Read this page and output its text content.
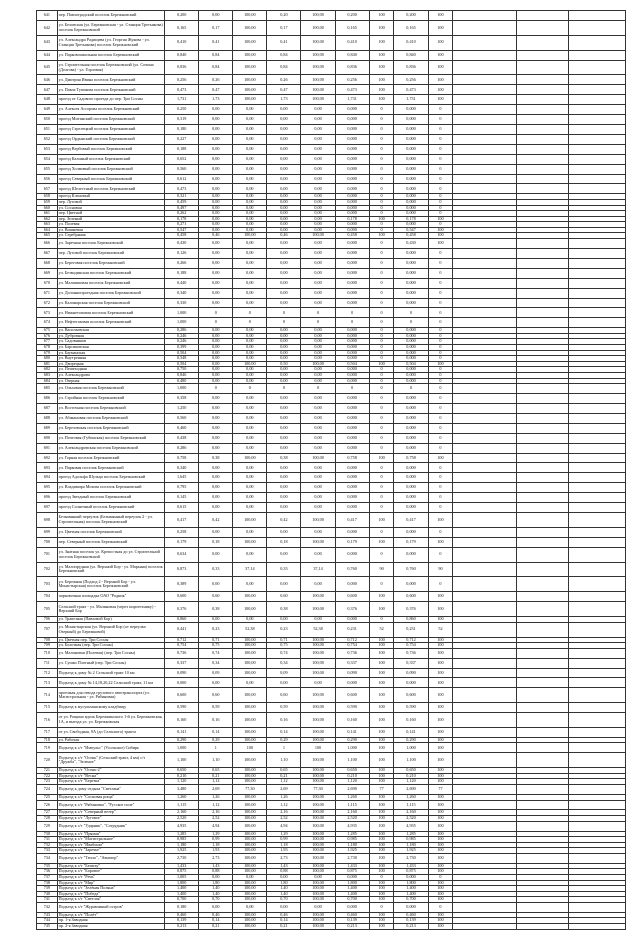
641	пер. Павлоградский поселок Бережновский	0,200	0,00	100,00	0,20	100,00	0,200	100	0,200	100			
642	ул. Беловская (ул. Бережковская - ул. Станция Третьякова) поселок Бережновский	0,165	0,17	100,00	0,17	100,00	0,165	100	0,165	100			
643	ул. Александра Радищева (ул. Георгия Жукова - ул. Станция Третьякова) поселок Бережновский	0,410	0,41	100,00	0,41	100,00	0,410	100	0,410	100			
644	ул. Парковошкольная поселок Бережновский	0,840	0,84	100,00	0,84	100,00	0,840	100	0,840	100			
645	ул. Строительная поселок Бережновский (ул. Сочина (Долгова) - ул. Горловая)	0,836	0,84	100,00	0,84	100,00	0,836	100	0,836	100			
646	ул. Дмитрия Ивина поселок Бережновский	0,256	0,26	100,00	0,26	100,00	0,256	100	0,256	100			
647	ул. Павла Тупикова поселок Бережновский	0,473	0,47	100,00	0,47	100,00	0,473	100	0,473	100			
648	проезд от Садового проезда до пер. Три Сосны	1,731	1,73	100,00	1,73	100,00	1,731	100	1,731	100			
649	ул. Алексея Ассорова поселок Бережновский	0,250	0,00	0,00	0,00	0,00	0,000	0	0,000	0			
650	проезд Митинский поселок Бережновский	0,319	0,00	0,00	0,00	0,00	0,000	0	0,000	0			
651	проезд Стрелецкий поселок Бережновский	0,180	0,00	0,00	0,00	0,00	0,000	0	0,000	0			
652	проезд Ордынский поселок Бережновский	0,227	0,00	0,00	0,00	0,00	0,000	0	0,000	0			
653	проезд Вербовый поселок Бережновский	0,188	0,00	0,00	0,00	0,00	0,000	0	0,000	0			
654	проезд Калиный поселок Бережновский	0,652	0,00	0,00	0,00	0,00	0,000	0	0,000	0			
655	проезд Холмовый поселок Бережновский	0,560	0,00	0,00	0,00	0,00	0,000	0	0,000	0			
656	проезд Северный поселок Бережновский	0,612	0,00	0,00	0,00	0,00	0,000	0	0,000	0			
657	проезд Шелестный поселок Бережновский	0,473	0,00	0,00	0,00	0,00	0,000	0	0,000	0			
658	проезд Кленовый	0,321	0,00	0,00	0,00	0,00	0,000	0	0,000	0			
659	пер. Луговой	0,459	0,00	0,00	0,00	0,00	0,000	0	0,000	0			
660	ул. Сосновая	0,497	0,00	0,00	0,00	0,00	0,000	0	0,000	0			
661	пер. Цветной	0,262	0,00	0,00	0,00	0,00	0,000	0	0,000	0			
662	пер. Зеленый	0,178	0,00	0,00	0,00	0,00	0,178	100	0,178	100			
663	ул. Полевая	0,271	0,00	0,00	0,00	0,00	0,000	0	0,000	0			
664	ул. Вишневая	0,547	0,00	0,00	0,00	0,00	0,000	0	0,547	100			
665	ул. Серебряная	0,458	0,46	100,00	0,46	100,00	0,458	100	0,458	100			
666	ул. Заречная поселок Бережновский	0,430	0,00	0,00	0,00	0,00	0,000	0	0,430	100			
667	пер. Луговой поселок Бережновский	0,126	0,00	0,00	0,00	0,00	0,000	0	0,000	0			
668	ул. Береговая поселок Бережновский	0,266	0,00	0,00	0,00	0,00	0,000	0	0,000	0			
669	ул. Безводинская поселок Бережновский	0,188	0,00	0,00	0,00	0,00	0,000	0	0,000	0			
670	ул. Мальчиковая поселок Бережновский	0,440	0,00	0,00	0,00	0,00	0,000	0	0,000	0			
671	ул. Долоннопроездная поселок Бережновский	0,340	0,00	0,00	0,00	0,00	0,000	0	0,000	0			
672	ул. Калинарская поселок Бережновский	0,330	0,00	0,00	0,00	0,00	0,000	0	0,000	0			
673	ул. Нижнетоповая поселок Бережновский	1,000	0	0	0	0	0	0	0	0			
674	ул. Нефтегазовая поселок Бережновский	1,000	0	0	0	0	0	0	0	0			
675	ул. Васильевская	0,286	0,00	0,00	0,00	0,00	0,000	0	0,000	0			
676	ул. Дубровная	0,246	0,00	0,00	0,00	0,00	0,000	0	0,000	0			
677	ул. Садовников	0,246	0,00	0,00	0,00	0,00	0,000	0	0,000	0			
678	ул. Барсиковская	0,399	0,00	0,00	0,00	0,00	0,000	0	0,000	0			
679	ул. Бауманская	0,504	0,00	0,00	0,00	0,00	0,000	0	0,000	0			
680	ул. Внутренняя	0,548	0,00	0,00	0,00	0,00	0,000	0	0,000	0			
681	ул. Дворецкая	0,504	0,00	100,00	0,50	100,00	0,504	100	0,504	100			
682	ул. Пешеходная	0,750	0,00	0,00	0,00	0,00	0,000	0	0,000	0			
683	ул. Александрова	0,846	0,00	0,00	0,00	0,00	0,000	0	0,000	0			
684	ул. Озерная	0,480	0,00	0,00	0,00	0,00	0,000	0	0,000	0			
685	ул. Ольховая поселок Бережновский	1,000	0	0	0	0	0	0	0	0			
686	ул. Стройная поселок Бережновский	0,358	0,00	0,00	0,00	0,00	0,000	0	0,000	0			
687	ул. Восточная поселок Бережновский	1,250	0,00	0,00	0,00	0,00	0,000	0	0,000	0			
688	ул. Абакановая поселок Бережновский	0,560	0,00	0,00	0,00	0,00	0,000	0	0,000	0			
689	ул. Березовская поселок Бережновский	0,460	0,00	0,00	0,00	0,00	0,000	0	0,000	0			
690	ул. Почтовая (Губинская) поселок Бережновский	0,438	0,00	0,00	0,00	0,00	0,000	0	0,000	0			
691	ул. Александровская поселок Бережновский	0,286	0,00	0,00	0,00	0,00	0,000	0	0,000	0			
692	ул. Горная поселок Бережновский	0,758	0,38	100,00	0,38	100,00	0,758	100	0,758	100			
693	ул. Парковая поселок Бережновский	0,340	0,00	0,00	0,00	0,00	0,000	0	0,000	0			
694	проезд Адольфа Шульца поселок Бережновский	1,645	0,00	0,00	0,00	0,00	0,000	0	0,000	0			
695	ул. Владимира Мохова поселок Бережновский	0,795	0,00	0,00	0,00	0,00	0,000	0	0,000	0			
696	проезд Звездный поселок Бережновский	0,145	0,00	0,00	0,00	0,00	0,000	0	0,000	0			
697	проезд Солнечный поселок Бережновский	0,615	0,00	0,00	0,00	0,00	0,000	0	0,000	0			
698	Безымянный переулок (Безымянный переулок 2 - ул. Строительная) поселок Бережновский	0,417	0,42	100,00	0,42	100,00	0,417	100	0,417	100			
699	ул. Цветная поселок Бережновский	0,258	0,00	0,00	0,00	0,00	0,000	0	0,000	0			
700	пер. Северный поселок Бережновский	0,179	0,18	100,00	0,18	100,00	0,179	100	0,179	100			
701	ул. Знатная поселок ул. Крепостная до ул. Строительной поселок Бережновский	0,634	0,00	0,00	0,00	0,00	0,000	0	0,000	0			
702	ул. Малопрудная (ул. Верхний Бор - ул. Марьяна) поселок Бережновский	0,873	0,33	37,14	0,33	37,14	0,760	90	0,760	90			
703	ул. Бережная (Подход 2 - Верхний Бор - ул. Монастырская) поселок Бережновский	0,389	0,00	0,00	0,00	0,00	0,000	0	0,000	0			
704	парковочная площадка ОАО "Родник"	0,600	0,60	100,00	0,60	100,00	0,600	100	0,600	100			
705	Сельский тракт - ул. Малиновая (через пиротехнику) - Верхний Бор	0,376	0,38	100,00	0,38	100,00	0,376	100	0,376	100			
706	ул. Трапезная (Павловой Бор)	0,860	0,00	0,00	0,00	0,00	0,000	0	0,860	100			
707	ул. Монастырская (ул. Верхний Бор (от переулка Озерный) до Бережковой)	0,441	0,23	52,38	0,23	52,38	0,231	52	0,231	52			
708	ул. Цветная пер. Три Сосны	0,712	0,71	100,00	0,71	100,00	0,712	100	0,712	100			
709	ул. Болотная (пер. Три Сосны)	0,754	0,75	100,00	0,75	100,00	0,754	100	0,754	100			
710	ул. Малиновая (Полевая) (пер. Три Сосны)	0,736	0,74	100,00	0,74	100,00	0,736	100	0,736	100			
711	ул. Сушко Плотный (пер. Три Сосны)	0,337	0,34	100,00	0,34	100,00	0,337	100	0,337	100			
712	Подъезд к дому № 2 Сельский тракт 10 км	0,090	0,09	100,00	0,09	100,00	0,090	100	0,090	100			
713	Подъезд к дому № 14,18,20,22 Сельский тракт, 11 км	0,000	0,00	0,00	0,00	0,00	0,000	100	0,000	100			
714	проезжая для отвода грузового автотранспорта (ул. Магистральная - ул. Рябиновая)	0,600	0,60	100,00	0,60	100,00	0,600	100	0,600	100			
715	Подъезд к мусульманскому кладбищу	0,590	0,59	100,00	0,59	100,00	0,590	100	0,590	100			
716	от ул. Рощино вдоль Бережкинского 1-й ул. Бережковская, 1А, и выезда ул. ул. Бережковская	0,160	0,16	100,00	0,16	100,00	0,160	100	0,160	100			
717	от ул. Свободная, 9А (до Сельского) тракта	0,141	0,14	100,00	0,14	100,00	0,141	100	0,141	100			
718	ул. Рабочая	0,290	0,29	100,00	0,29	100,00	0,290	100	0,290	100			
719	Подъезд к с/т "Импульс" (Усольское) Сибирь	1,000	1	100	1	100	1,000	100	1,000	100			
720	Подъезд к с/т "Осень" (Сельский тракт, 4 км) с/т "Дружба", "Зеленое"	1,100	1,10	100,00	1,10	100,00	1,100	100	1,100	100			
721	Подъезд к с/т "Осень-2"	0,650	0,65	100,00	0,65	100,00	0,650	100	0,650	100			
722	Подъезд к с/т "Весна"	0,210	0,21	100,00	0,21	100,00	0,210	100	0,210	100			
723	Подъезд к с/т "Березка"	1,120	1,12	100,00	1,12	100,00	1,120	100	1,120	100			
724	Подъезд к дому отдыха "Светлана"	3,480	2,69	77,30	2,69	77,30	2,690	77	2,690	77			
725	Подъезд к с/т "Сосновая роща"	1,260	1,26	100,00	1,26	100,00	1,260	100	1,260	100			
726	Подъезд к с/т "Рябиновка", "Русское поле"	1,115	1,12	100,00	1,12	100,00	1,115	100	1,115	100			
727	Подъезд к с/т "Северный ветер"	2,160	2,16	100,00	2,16	100,00	2,160	100	2,160	100			
728	Подъезд к с/т "Луговое"	2,520	2,52	100,00	2,52	100,00	2,520	100	2,520	100			
729	Подъезд к с/т "Ударник", "Сотрудник"	4,935	4,94	100,00	4,94	100,00	4,935	100	4,935	100			
730	Подъезд к с/т "Прямая"	1,285	1,29	100,00	1,29	100,00	1,285	100	1,285	100			
731	Подъезд к с/т "Магистральное"	0,985	0,99	100,00	0,99	100,00	0,985	100	0,985	100			
732	Подъезд к с/т "Ивабоши"	1,180	1,18	100,00	1,18	100,00	1,180	100	1,180	100			
733	Подъезд к с/т "Заречье"	1,925	1,93	100,00	1,93	100,00	1,925	100	1,925	100			
734	Подъезд к с/т "Тепло", "Авиатор"	2,730	2,73	100,00	2,73	100,00	2,730	100	2,730	100			
735	Подъезд к с/т "Бештау"	1,433	1,43	100,00	1,43	100,00	1,433	100	1,433	100			
736	Подъезд к с/т "Боровое"	0,875	0,88	100,00	0,88	100,00	0,875	100	0,875	100			
737	Подъезд к с/т "Речь"	1,005	0,00	0,00	0,00	0,00	0,000	0	0,000	0			
738	Подъезд к с/т "Мир"	1,800	1,80	100,00	1,80	100,00	1,800	100	1,800	100			
739	Подъезд к с/т "Зелёная Поляна"	1,400	1,40	100,00	1,40	100,00	1,400	100	1,400	100			
740	Подъезд к с/т "Победа"	1,400	1,40	100,00	1,40	100,00	1,400	100	1,400	100			
741	Подъезд к с/т "Светлая"	0,700	0,70	100,00	0,70	100,00	0,700	100	0,700	100			
742	Подъезд к с/т "Журавлиный остров"	0,180	0,00	0,00	0,00	0,00	0,000	0	0,000	0			
743	Подъезд к с/т "Полёт"	0,460	0,46	100,00	0,46	100,00	0,460	100	0,460	100			
744	пр. 1-я Заводная	0,139	0,14	100,00	0,14	100,00	0,139	100	0,139	100			
745	пр. 2-я Заводная	0,213	0,21	100,00	0,21	100,00	0,213	100	0,213	100			
